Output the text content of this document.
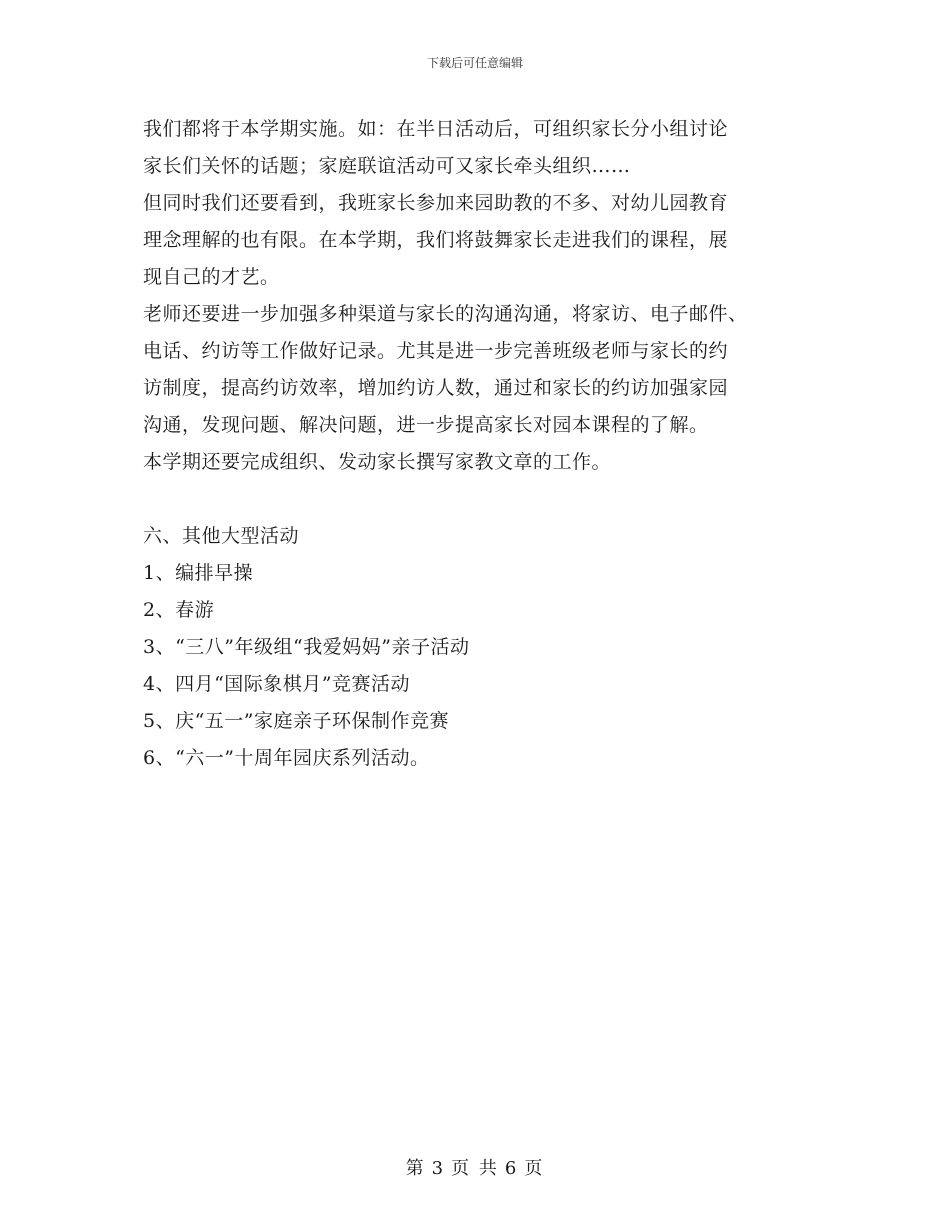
下载后可任意编辑
我们都将于本学期实施。如：在半日活动后，可组织家长分小组讨论
家长们关怀的话题；家庭联谊活动可又家长牵头组织……
但同时我们还要看到，我班家长参加来园助教的不多、对幼儿园教育
理念理解的也有限。在本学期，我们将鼓舞家长走进我们的课程，展
现自己的才艺。
老师还要进一步加强多种渠道与家长的沟通沟通，将家访、电子邮件、
电话、约访等工作做好记录。尤其是进一步完善班级老师与家长的约
访制度，提高约访效率，增加约访人数，通过和家长的约访加强家园
沟通，发现问题、解决问题，进一步提高家长对园本课程的了解。
本学期还要完成组织、发动家长撰写家教文章的工作。
六、其他大型活动
1、编排早操
2、春游
3、“三八”年级组“我爱妈妈”亲子活动
4、四月“国际象棋月”竞赛活动
5、庆“五一”家庭亲子环保制作竞赛
6、“六一”十周年园庆系列活动。
第 3 页 共 6 页
